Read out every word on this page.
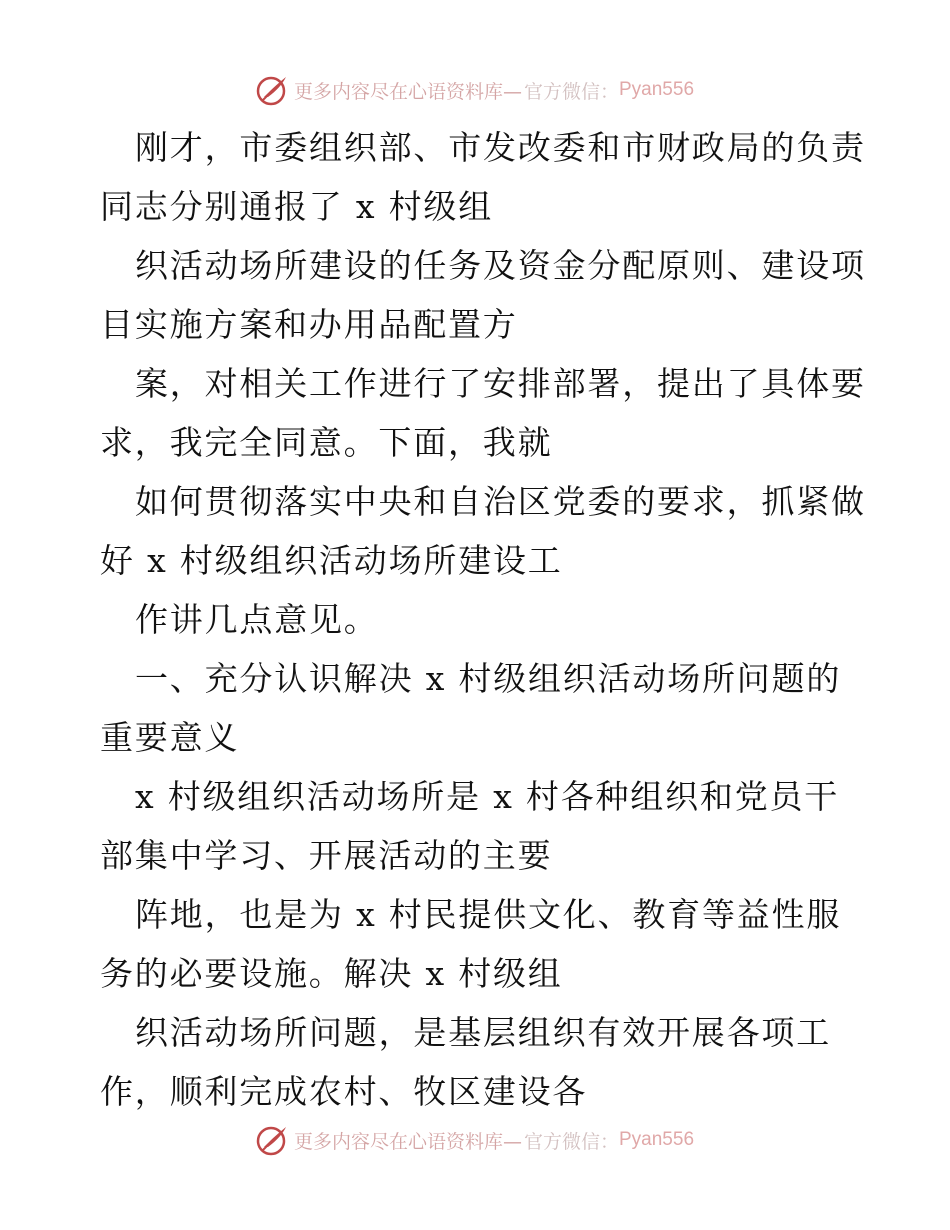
更多内容尽在心语资料库— 官方微信： Pyan556

刚才，市委组织部、市发改委和市财政局的负责

同志分别通报了 x 村级组

织活动场所建设的任务及资金分配原则、建设项

目实施方案和办用品配置方

案，对相关工作进行了安排部署，提出了具体要

求，我完全同意。下面，我就

如何贯彻落实中央和自治区党委的要求，抓紧做

好 x 村级组织活动场所建设工

作讲几点意见。

一、充分认识解决 x 村级组织活动场所问题的

重要意义

x 村级组织活动场所是 x 村各种组织和党员干

部集中学习、开展活动的主要

阵地，也是为 x 村民提供文化、教育等益性服

务的必要设施。解决 x 村级组

织活动场所问题，是基层组织有效开展各项工

作，顺利完成农村、牧区建设各

更多内容尽在心语资料库— 官方微信： Pyan556
